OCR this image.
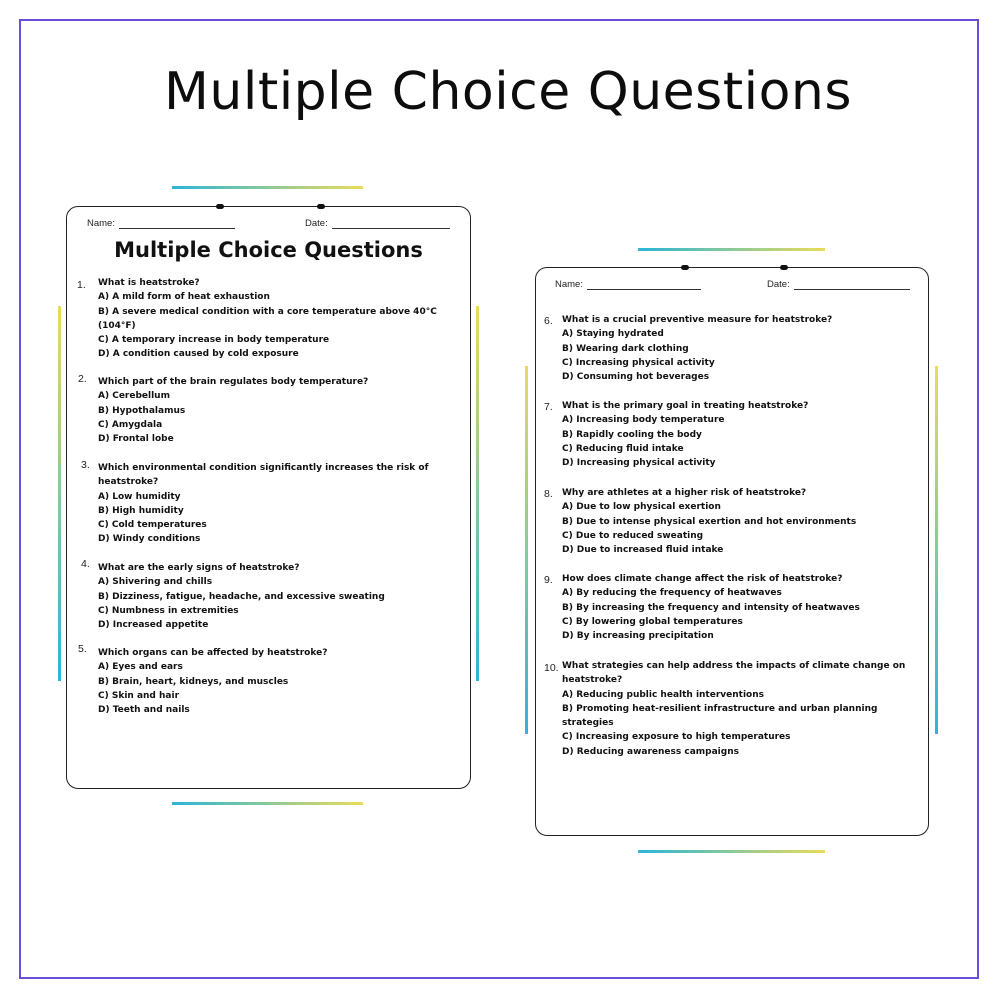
Multiple Choice Questions
Name:	Date:
Multiple Choice Questions
1. What is heatstroke?

A) A mild form of heat exhaustion
B) A severe medical condition with a core temperature above 40°C (104°F)
C) A temporary increase in body temperature
D) A condition caused by cold exposure
2. Which part of the brain regulates body temperature?

A) Cerebellum
B) Hypothalamus
C) Amygdala
D) Frontal lobe
3. Which environmental condition significantly increases the risk of heatstroke?

A) Low humidity
B) High humidity
C) Cold temperatures
D) Windy conditions
4. What are the early signs of heatstroke?

A) Shivering and chills
B) Dizziness, fatigue, headache, and excessive sweating
C) Numbness in extremities
D) Increased appetite
5. Which organs can be affected by heatstroke?

A) Eyes and ears
B) Brain, heart, kidneys, and muscles
C) Skin and hair
D) Teeth and nails
Name:	Date:
6. What is a crucial preventive measure for heatstroke?

A) Staying hydrated
B) Wearing dark clothing
C) Increasing physical activity
D) Consuming hot beverages
7. What is the primary goal in treating heatstroke?

A) Increasing body temperature
B) Rapidly cooling the body
C) Reducing fluid intake
D) Increasing physical activity
8. Why are athletes at a higher risk of heatstroke?

A) Due to low physical exertion
B) Due to intense physical exertion and hot environments
C) Due to reduced sweating
D) Due to increased fluid intake
9. How does climate change affect the risk of heatstroke?

A) By reducing the frequency of heatwaves
B) By increasing the frequency and intensity of heatwaves
C) By lowering global temperatures
D) By increasing precipitation
10. What strategies can help address the impacts of climate change on heatstroke?

A) Reducing public health interventions
B) Promoting heat-resilient infrastructure and urban planning strategies
C) Increasing exposure to high temperatures
D) Reducing awareness campaigns
